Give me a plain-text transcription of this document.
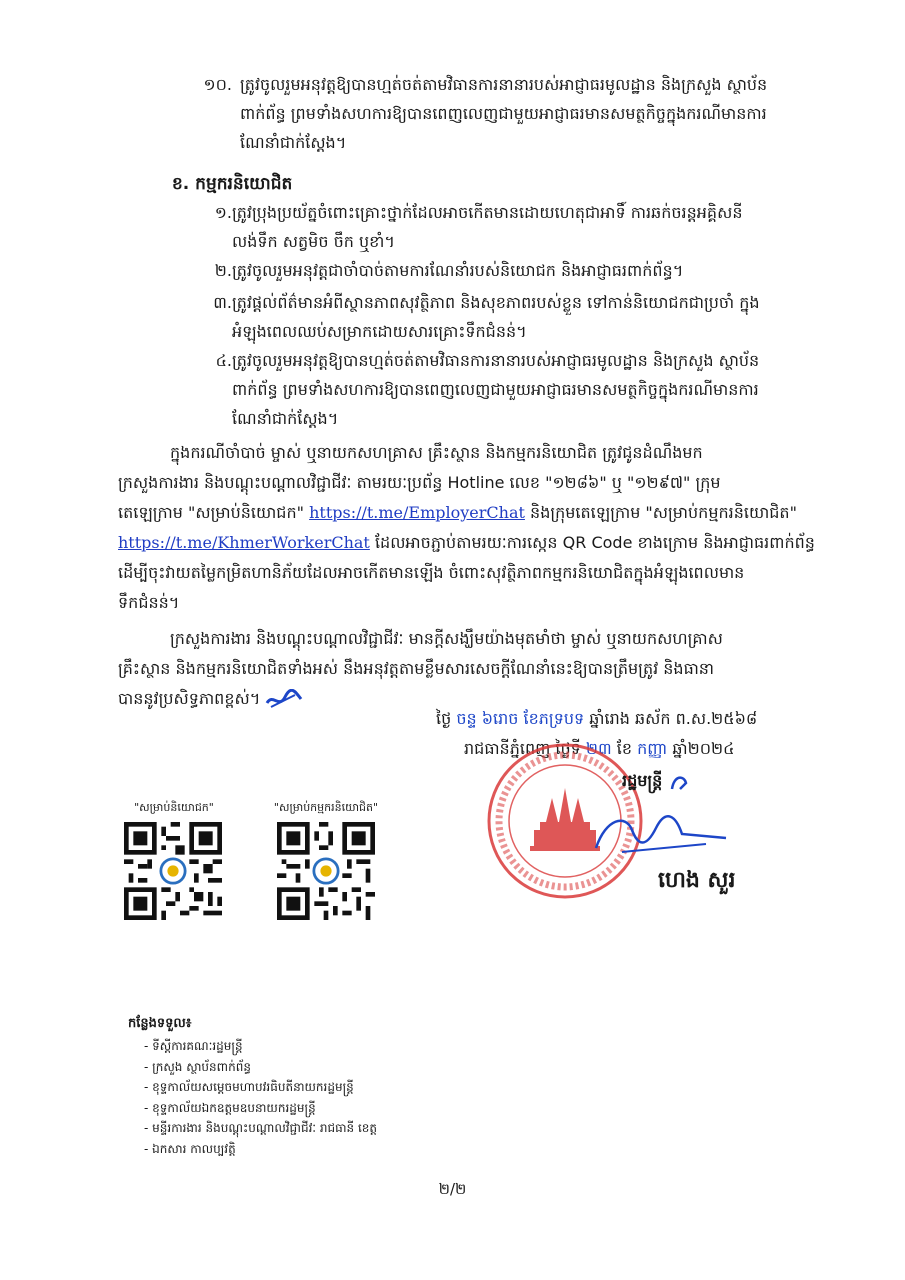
១០. ត្រូវចូលរួមអនុវត្តឱ្យបានហ្មត់ចត់តាមវិធានការនានារបស់អាជ្ញាធរមូលដ្ឋាន និងក្រសួង ស្ថាប័ន
ពាក់ព័ន្ធ ព្រមទាំងសហការឱ្យបានពេញលេញជាមួយអាជ្ញាធរមានសមត្ថកិច្ចក្នុងករណីមានការ
ណែនាំជាក់ស្តែង។
ខ. កម្មករនិយោជិត
១. ត្រូវប្រុងប្រយ័ត្នចំពោះគ្រោះថ្នាក់ដែលអាចកើតមានដោយហេតុជាអាទិ៍ ការឆក់ចរន្តអគ្គិសនី
លង់ទឹក សត្វមិច ចឹក ឬខាំ។
២. ត្រូវចូលរួមអនុវត្តជាចាំបាច់តាមការណែនាំរបស់និយោជក និងអាជ្ញាធរពាក់ព័ន្ធ។
៣. ត្រូវផ្តល់ព័ត៌មានអំពីស្ថានភាពសុវត្ថិភាព និងសុខភាពរបស់ខ្លួន ទៅកាន់និយោជកជាប្រចាំ ក្នុង
អំឡុងពេលឈប់សម្រាកដោយសារគ្រោះទឹកជំនន់។
៤. ត្រូវចូលរួមអនុវត្តឱ្យបានហ្មត់ចត់តាមវិធានការនានារបស់អាជ្ញាធរមូលដ្ឋាន និងក្រសួង ស្ថាប័ន
ពាក់ព័ន្ធ ព្រមទាំងសហការឱ្យបានពេញលេញជាមួយអាជ្ញាធរមានសមត្ថកិច្ចក្នុងករណីមានការ
ណែនាំជាក់ស្តែង។
ក្នុងករណីចាំបាច់ ម្ចាស់ ឬនាយកសហគ្រាស គ្រឹះស្ថាន និងកម្មករនិយោជិត ត្រូវជូនដំណឹងមក
ក្រសួងការងារ និងបណ្តុះបណ្តាលវិជ្ជាជីវៈ តាមរយៈប្រព័ន្ធ Hotline លេខ "១២៨៦" ឬ "១២៩៧" ក្រុម
តេឡេក្រាម "សម្រាប់និយោជក" https://t.me/EmployerChat និងក្រុមតេឡេក្រាម "សម្រាប់កម្មករនិយោជិត"
https://t.me/KhmerWorkerChat ដែលអាចភ្ជាប់តាមរយៈការស្កេន QR Code ខាងក្រោម និងអាជ្ញាធរពាក់ព័ន្ធ
ដើម្បីចុះវាយតម្លៃកម្រិតហានិភ័យដែលអាចកើតមានឡើង ចំពោះសុវត្ថិភាពកម្មករនិយោជិតក្នុងអំឡុងពេលមាន
ទឹកជំនន់។
ក្រសួងការងារ និងបណ្តុះបណ្តាលវិជ្ជាជីវៈ មានក្តីសង្ឃឹមយ៉ាងមុតមាំថា ម្ចាស់ ឬនាយកសហគ្រាស
គ្រឹះស្ថាន និងកម្មករនិយោជិតទាំងអស់ នឹងអនុវត្តតាមខ្លឹមសារសេចក្តីណែនាំនេះឱ្យបានត្រឹមត្រូវ និងធានា
បាននូវប្រសិទ្ធភាពខ្ពស់។
ថ្ងៃ ចន្ទ ៦រោច ខែភទ្របទ ឆ្នាំរោង ឆស័ក ព.ស.២៥៦៨
រាជធានីភ្នំពេញ ថ្ងៃទី ២៣ ខែ កញ្ញា ឆ្នាំ២០២៤
រដ្ឋមន្ត្រី
ហេង សួរ
"សម្រាប់និយោជក"	"សម្រាប់កម្មករនិយោជិត"
កន្លែងទទួល៖
- ទីស្តីការគណៈរដ្ឋមន្ត្រី
- ក្រសួង ស្ថាប័នពាក់ព័ន្ធ
- ខុទ្ទកាល័យសម្តេចមហាបវរធិបតីនាយករដ្ឋមន្ត្រី
- ខុទ្ទកាល័យឯកឧត្តមឧបនាយករដ្ឋមន្ត្រី
- មន្ទីរការងារ និងបណ្តុះបណ្តាលវិជ្ជាជីវៈ រាជធានី ខេត្ត
- ឯកសារ កាលប្បវត្តិ
២/២
